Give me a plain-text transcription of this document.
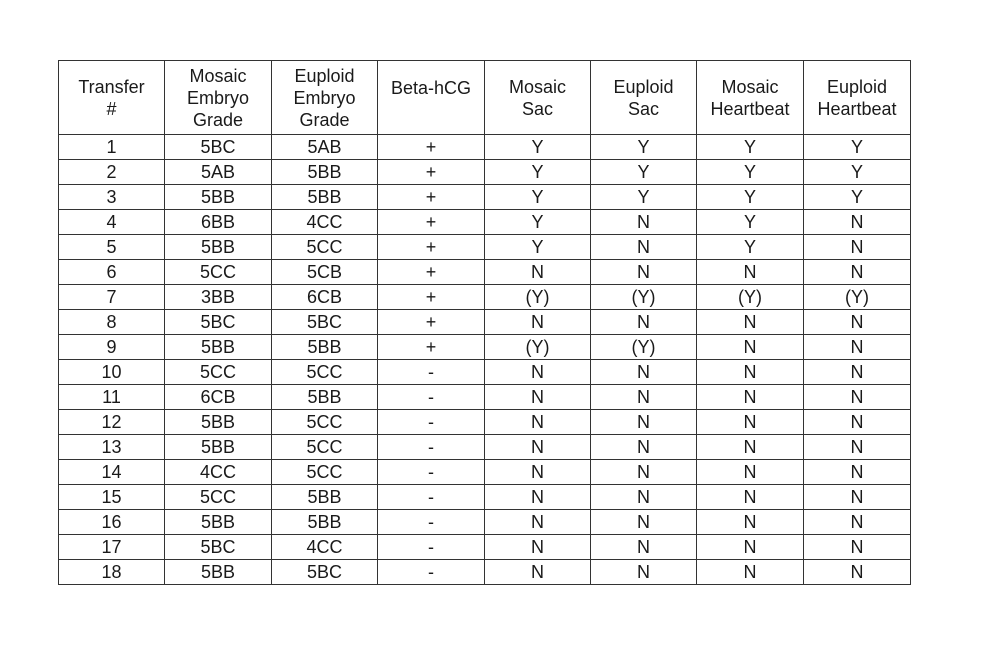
Transfer
#	Mosaic
Embryo
Grade	Euploid
Embryo
Grade	Beta-hCG	Mosaic
Sac	Euploid
Sac	Mosaic
Heartbeat	Euploid
Heartbeat

1	5BC	5AB	+	Y	Y	Y	Y
2	5AB	5BB	+	Y	Y	Y	Y
3	5BB	5BB	+	Y	Y	Y	Y
4	6BB	4CC	+	Y	N	Y	N
5	5BB	5CC	+	Y	N	Y	N
6	5CC	5CB	+	N	N	N	N
7	3BB	6CB	+	(Y)	(Y)	(Y)	(Y)
8	5BC	5BC	+	N	N	N	N
9	5BB	5BB	+	(Y)	(Y)	N	N
10	5CC	5CC	-	N	N	N	N
11	6CB	5BB	-	N	N	N	N
12	5BB	5CC	-	N	N	N	N
13	5BB	5CC	-	N	N	N	N
14	4CC	5CC	-	N	N	N	N
15	5CC	5BB	-	N	N	N	N
16	5BB	5BB	-	N	N	N	N
17	5BC	4CC	-	N	N	N	N
18	5BB	5BC	-	N	N	N	N
